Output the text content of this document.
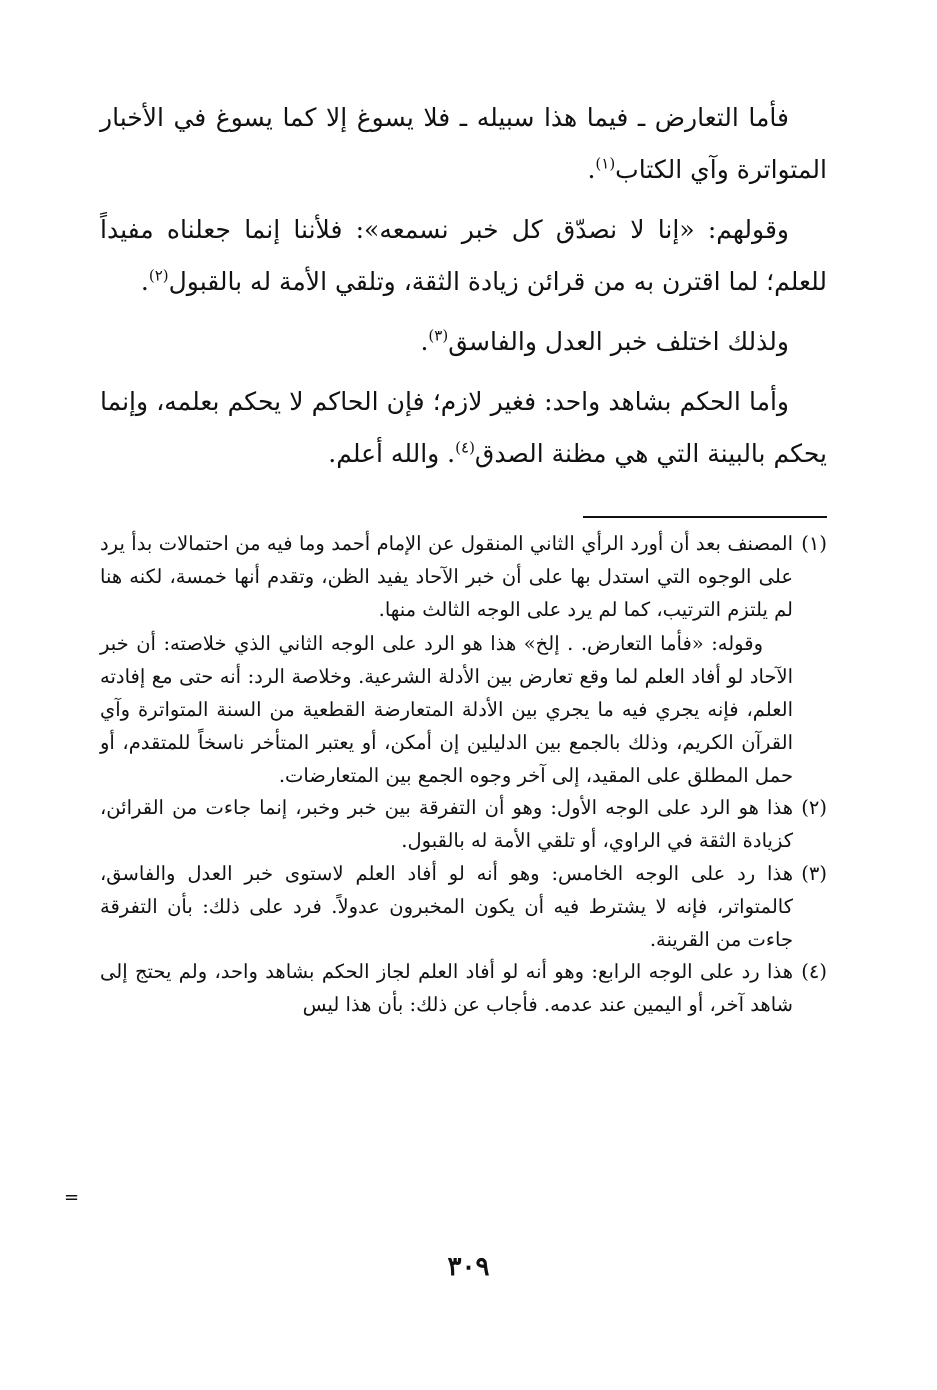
فأما التعارض ـ فيما هذا سبيله ـ فلا يسوغ إلا كما يسوغ في الأخبار المتواترة وآي الكتاب$^{(١)}$.

وقولهم: «إنا لا نصدّق كل خبر نسمعه»: فلأننا إنما جعلناه مفيداً للعلم؛ لما اقترن به من قرائن زيادة الثقة، وتلقي الأمة له بالقبول$^{(٢)}$.

ولذلك اختلف خبر العدل والفاسق$^{(٣)}$.

وأما الحكم بشاهد واحد: فغير لازم؛ فإن الحاكم لا يحكم بعلمه، وإنما يحكم بالبينة التي هي مظنة الصدق$^{(٤)}$. والله أعلم.

(١)

المصنف بعد أن أورد الرأي الثاني المنقول عن الإمام أحمد وما فيه من احتمالات بدأ يرد على الوجوه التي استدل بها على أن خبر الآحاد يفيد الظن، وتقدم أنها خمسة، لكنه هنا لم يلتزم الترتيب، كما لم يرد على الوجه الثالث منها.

وقوله: «فأما التعارض. . إلخ» هذا هو الرد على الوجه الثاني الذي خلاصته: أن خبر الآحاد لو أفاد العلم لما وقع تعارض بين الأدلة الشرعية. وخلاصة الرد: أنه حتى مع إفادته العلم، فإنه يجري فيه ما يجري بين الأدلة المتعارضة القطعية من السنة المتواترة وآي القرآن الكريم، وذلك بالجمع بين الدليلين إن أمكن، أو يعتبر المتأخر ناسخاً للمتقدم، أو حمل المطلق على المقيد، إلى آخر وجوه الجمع بين المتعارضات.

(٢)

هذا هو الرد على الوجه الأول: وهو أن التفرقة بين خبر وخبر، إنما جاءت من القرائن، كزيادة الثقة في الراوي، أو تلقي الأمة له بالقبول.

(٣)

هذا رد على الوجه الخامس: وهو أنه لو أفاد العلم لاستوى خبر العدل والفاسق، كالمتواتر، فإنه لا يشترط فيه أن يكون المخبرون عدولاً. فرد على ذلك: بأن التفرقة جاءت من القرينة.

(٤)

هذا رد على الوجه الرابع: وهو أنه لو أفاد العلم لجاز الحكم بشاهد واحد، ولم يحتج إلى شاهد آخر، أو اليمين عند عدمه. فأجاب عن ذلك: بأن هذا ليس

=
٣٠٩
